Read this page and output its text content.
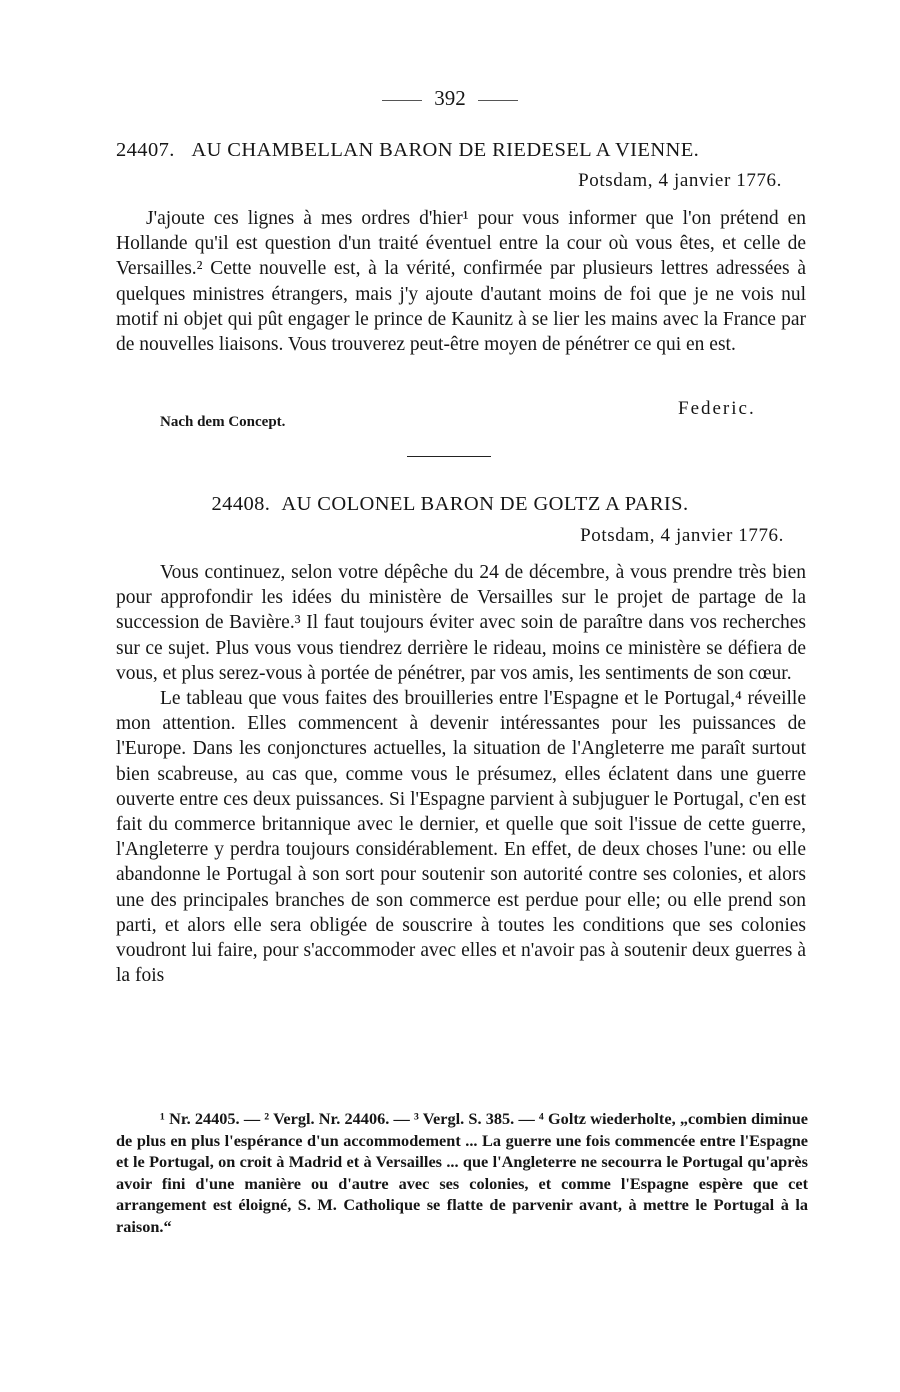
392
24407. AU CHAMBELLAN BARON DE RIEDESEL A VIENNE.
Potsdam, 4 janvier 1776.

J'ajoute ces lignes à mes ordres d'hier¹ pour vous informer que l'on prétend en Hollande qu'il est question d'un traité éventuel entre la cour où vous êtes, et celle de Versailles.² Cette nouvelle est, à la vérité, confirmée par plusieurs lettres adressées à quelques ministres étrangers, mais j'y ajoute d'autant moins de foi que je ne vois nul motif ni objet qui pût engager le prince de Kaunitz à se lier les mains avec la France par de nouvelles liaisons. Vous trouverez peut-être moyen de pénétrer ce qui en est.

Federic.
Nach dem Concept.
24408. AU COLONEL BARON DE GOLTZ A PARIS.
Potsdam, 4 janvier 1776.

Vous continuez, selon votre dépêche du 24 de décembre, à vous prendre très bien pour approfondir les idées du ministère de Versailles sur le projet de partage de la succession de Bavière.³ Il faut toujours éviter avec soin de paraître dans vos recherches sur ce sujet. Plus vous vous tiendrez derrière le rideau, moins ce ministère se défiera de vous, et plus serez-vous à portée de pénétrer, par vos amis, les sentiments de son cœur.

Le tableau que vous faites des brouilleries entre l'Espagne et le Portugal,⁴ réveille mon attention. Elles commencent à devenir intéressantes pour les puissances de l'Europe. Dans les conjonctures actuelles, la situation de l'Angleterre me paraît surtout bien scabreuse, au cas que, comme vous le présumez, elles éclatent dans une guerre ouverte entre ces deux puissances. Si l'Espagne parvient à subjuguer le Portugal, c'en est fait du commerce britannique avec le dernier, et quelle que soit l'issue de cette guerre, l'Angleterre y perdra toujours considérablement. En effet, de deux choses l'une: ou elle abandonne le Portugal à son sort pour soutenir son autorité contre ses colonies, et alors une des principales branches de son commerce est perdue pour elle; ou elle prend son parti, et alors elle sera obligée de souscrire à toutes les conditions que ses colonies voudront lui faire, pour s'accommoder avec elles et n'avoir pas à soutenir deux guerres à la fois

¹ Nr. 24405. — ² Vergl. Nr. 24406. — ³ Vergl. S. 385. — ⁴ Goltz wiederholte, „combien diminue de plus en plus l'espérance d'un accommodement ... La guerre une fois commencée entre l'Espagne et le Portugal, on croit à Madrid et à Versailles ... que l'Angleterre ne secourra le Portugal qu'après avoir fini d'une manière ou d'autre avec ses colonies, et comme l'Espagne espère que cet arrangement est éloigné, S. M. Catholique se flatte de parvenir avant, à mettre le Portugal à la raison.“
